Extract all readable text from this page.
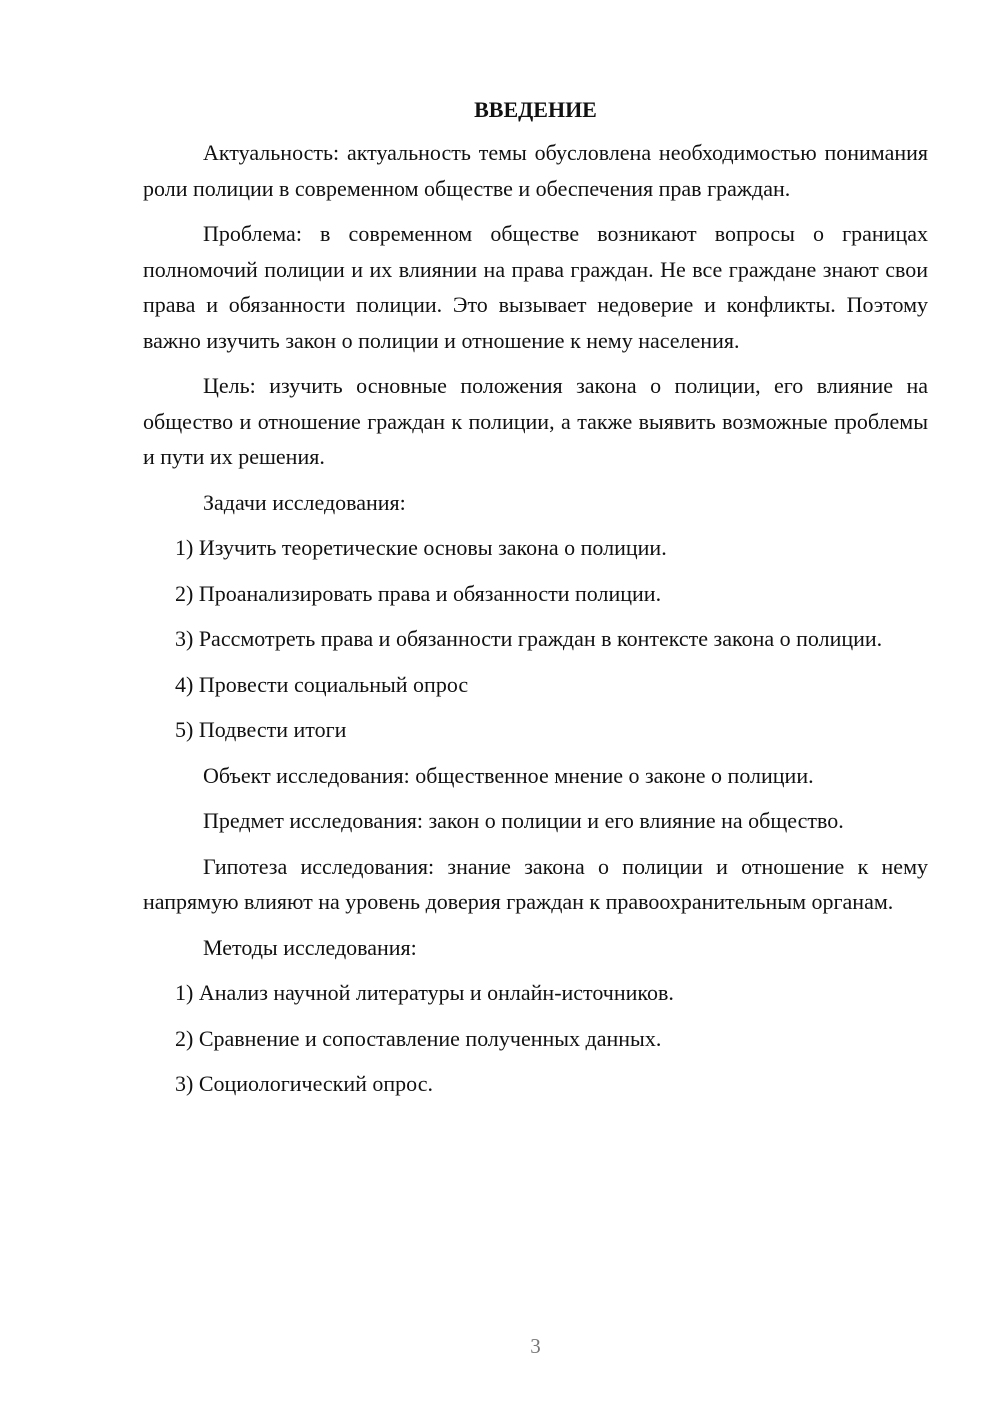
ВВЕДЕНИЕ

Актуальность: актуальность темы обусловлена необходимостью понимания роли полиции в современном обществе и обеспечения прав граждан.

Проблема: в современном обществе возникают вопросы о границах полномочий полиции и их влиянии на права граждан. Не все граждане знают свои права и обязанности полиции. Это вызывает недоверие и конфликты. Поэтому важно изучить закон о полиции и отношение к нему населения.

Цель: изучить основные положения закона о полиции, его влияние на общество и отношение граждан к полиции, а также выявить возможные проблемы и пути их решения.

Задачи исследования:

1) Изучить теоретические основы закона о полиции.

2) Проанализировать права и обязанности полиции.

3) Рассмотреть права и обязанности граждан в контексте закона о полиции.

4) Провести социальный опрос

5) Подвести итоги

Объект исследования: общественное мнение о законе о полиции.

Предмет исследования: закон о полиции и его влияние на общество.

Гипотеза исследования: знание закона о полиции и отношение к нему напрямую влияют на уровень доверия граждан к правоохранительным органам.

Методы исследования:

1) Анализ научной литературы и онлайн-источников.

2) Сравнение и сопоставление полученных данных.

3) Социологический опрос.

3
